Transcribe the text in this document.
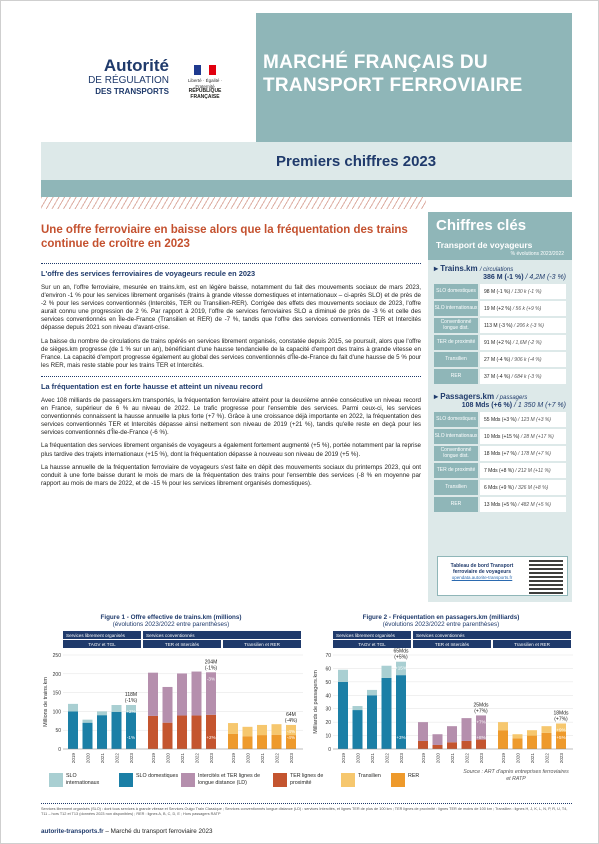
Autorité
DE RÉGULATION
DES TRANSPORTS
Liberté · Égalité · Fraternité
RÉPUBLIQUE FRANÇAISE
MARCHÉ FRANÇAIS DU TRANSPORT FERROVIAIRE
Premiers chiffres 2023
Une offre ferroviaire en baisse alors que la fréquentation des trains continue de croître en 2023
L'offre des services ferroviaires de voyageurs recule en 2023

Sur un an, l'offre ferroviaire, mesurée en trains.km, est en légère baisse, notamment du fait des mouvements sociaux de mars 2023, d'environ -1 % pour les services librement organisés (trains à grande vitesse domestiques et internationaux – ci-après SLO) et de près de -2 % pour les services conventionnés (Intercités, TER ou Transilien-RER). Corrigée des effets des mouvements sociaux de 2023, l'offre aurait connu une progression de 2 %. Par rapport à 2019, l'offre de services ferroviaires SLO a diminué de près de -3 % et celle des services conventionnés en Île-de-France (Transilien et RER) de -7 %, tandis que l'offre des services conventionnés TER et Intercités dépasse depuis 2021 son niveau d'avant-crise.

La baisse du nombre de circulations de trains opérés en services librement organisés, constatée depuis 2015, se poursuit, alors que l'offre de sièges.km progresse (de 1 % sur un an), bénéficiant d'une hausse tendancielle de la capacité d'emport des trains à grande vitesse en France. La capacité d'emport progresse également au global des services conventionnés d'Île-de-France du fait d'une hausse de 5 % pour les RER, mais reste stable pour les trains TER et Intercités.

La fréquentation est en forte hausse et atteint un niveau record

Avec 108 milliards de passagers.km transportés, la fréquentation ferroviaire atteint pour la deuxième année consécutive un niveau record en France, supérieur de 6 % au niveau de 2022. Le trafic progresse pour l'ensemble des services. Parmi ceux-ci, les services conventionnés connaissent la hausse annuelle la plus forte (+7 %). Grâce à une croissance déjà importante en 2022, la fréquentation des services conventionnés TER et Intercités dépasse ainsi nettement son niveau de 2019 (+21 %), tandis qu'elle reste en deçà pour les services conventionnés d'Île-de-France (-6 %).

La fréquentation des services librement organisés de voyageurs a également fortement augmenté (+5 %), portée notamment par la reprise plus tardive des trajets internationaux (+15 %), dont la fréquentation dépasse à nouveau son niveau de 2019 (+5 %).

La hausse annuelle de la fréquentation ferroviaire de voyageurs s'est faite en dépit des mouvements sociaux du printemps 2023, qui ont conduit à une forte baisse durant le mois de mars de la fréquentation des trains pour l'ensemble des services (-8 % en moyenne par rapport au mois de mars de 2022, et de -15 % pour les services librement organisés domestiques).

Chiffres clés
Transport de voyageurs
% évolutions 2023/2022
▸ Trains.km / circulations
386 M (-1 %) / 4,2M (-3 %)
SLO domestiques	98 M (-1 %) / 130 k (-1 %)
SLO internationaux 19 M (+2 %) / 56 k (+9 %)
Conventionné longue dist.	113 M (-3 %) / 206 k (-3 %)
TER de proximité	91 M (+2 %) / 1,6M (-2 %)
Transilien	27 M (-4 %) / 906 k (-4 %)
RER	37 M (-4 %) / 684 k (-3 %)
▸ Passagers.km / passagers
108 Mds (+6 %) / 1 350 M (+7 %)
SLO domestiques	55 Mds (+3 %) / 123 M (+3 %)
SLO internationaux 10 Mds (+15 %) / 28 M (+17 %)
Conventionné longue dist.	18 Mds (+7 %) / 178 M (+7 %)
TER de proximité	7 Mds (+8 %) / 212 M (+11 %)
Transilien	6 Mds (+9 %) / 326 M (+8 %)
RER	13 Mds (+5 %) / 482 M (+5 %)
Tableau de bord Transport ferroviaire de voyageurs
opendata.autorite-transports.fr
Figure 1 - Offre effective de trains.km (millions)
(évolutions 2023/2022 entre parenthèses)
Figure 2 - Fréquentation en passagers.km (milliards)
(évolutions 2023/2022 entre parenthèses)
Millions de trains.km
0
50
100
150
200
250
Services librement organisés
TAGV et TGL
2019 2020 2021 2022 2023
118M
(-1%)
+2%
-1%
Services conventionnés
TER et Intercités
2019 2020 2021 2022 2023
204M
(-1%)
-3%
+2%
Transilien et RER
2019 2020 2021 2022 2023
64M
(-4%)
-4%
-4%
Milliards de passagers.km
0
10
20
30
40
50
60
70
Services librement organisés
TAGV et TGL
2019 2020 2021 2022 2023
65Mds
(+5%)
+15%
+3%
Services conventionnés
TER et Intercités
2019 2020 2021 2022 2023
25Mds
(+7%)
+7%
+8%
Transilien et RER
2019 2020 2021 2022 2023
18Mds
(+7%)
+9%
+5%
SLO internationaux
SLO domestiques	Intercités et TER lignes de longue distance (LD)
TER lignes de proximité
Transilien	RER
Source : ART d'après entreprises ferroviaires et RATP
Services librement organisés (SLO) : dont tous services à grande vitesse et Services Ouigo Train Classique ; Services conventionnés longue distance (LD) : services Intercités, et lignes TER de plus de 100 km ; TER lignes de proximité : lignes TER de moins de 100 km ; Transilien : lignes H, J, K, L, N, P, R, U, T4, T11 – hors T12 et T13 (données 2023 non disponibles) ; RER : lignes A, B, C, D, E ; Hors passagers RATP
autorite-transports.fr – Marché du transport ferroviaire 2023
